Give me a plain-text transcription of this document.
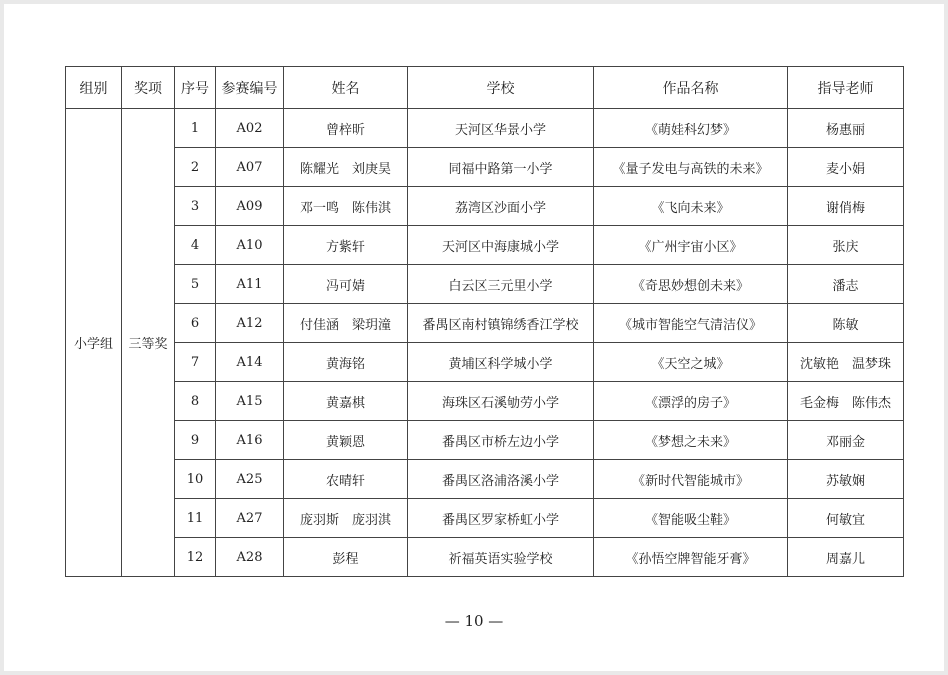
组别	奖项	序号	参赛编号	姓名	学校	作品名称	指导老师
小学组	三等奖	1	A02	曾梓昕	天河区华景小学	《萌娃科幻梦》	杨惠丽
		2	A07	陈耀光　刘庚昊	同福中路第一小学	《量子发电与高铁的未来》	麦小娟
		3	A09	邓一鸣　陈伟淇	荔湾区沙面小学	《飞向未来》	谢俏梅
		4	A10	方紫轩	天河区中海康城小学	《广州宇宙小区》	张庆
		5	A11	冯可婧	白云区三元里小学	《奇思妙想创未来》	潘志
		6	A12	付佳涵　梁玥潼	番禺区南村镇锦绣香江学校	《城市智能空气清洁仪》	陈敏
		7	A14	黄海铭	黄埔区科学城小学	《天空之城》	沈敏艳　温梦珠
		8	A15	黄嘉棋	海珠区石溪劬劳小学	《漂浮的房子》	毛金梅　陈伟杰
		9	A16	黄颖恩	番禺区市桥左边小学	《梦想之未来》	邓丽金
		10	A25	农晴轩	番禺区洛浦洛溪小学	《新时代智能城市》	苏敏娴
		11	A27	庞羽斯　庞羽淇	番禺区罗家桥虹小学	《智能吸尘鞋》	何敏宜
		12	A28	彭程	祈福英语实验学校	《孙悟空牌智能牙膏》	周嘉儿
— 10 —
